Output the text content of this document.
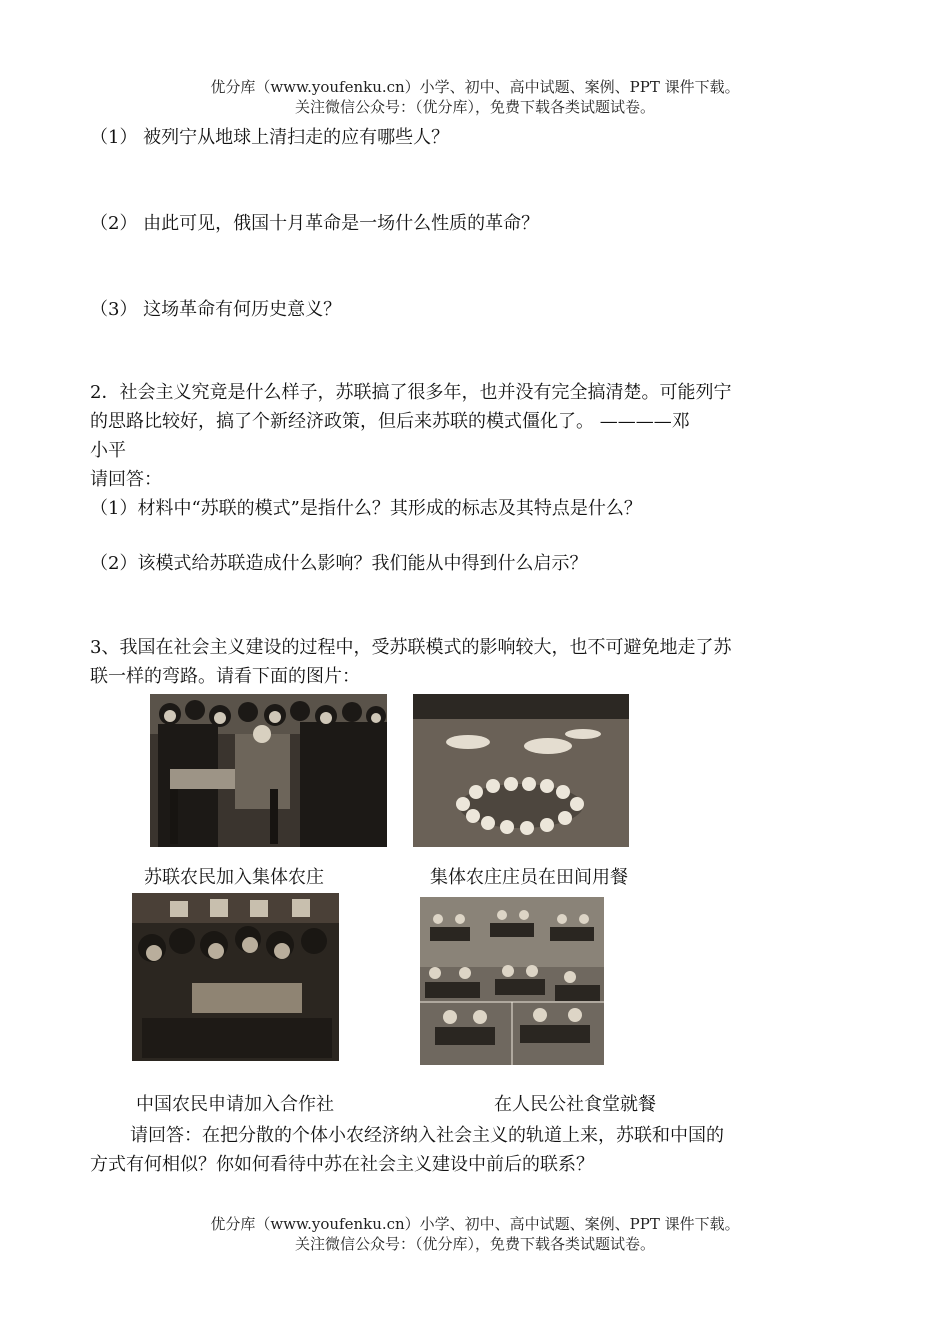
优分库（www.youfenku.cn）小学、初中、高中试题、案例、PPT 课件下载。
关注微信公众号：（优分库），免费下载各类试题试卷。
（1） 被列宁从地球上清扫走的应有哪些人？
（2） 由此可见，俄国十月革命是一场什么性质的革命？
（3） 这场革命有何历史意义？
2．社会主义究竟是什么样子，苏联搞了很多年，也并没有完全搞清楚。可能列宁
的思路比较好，搞了个新经济政策，但后来苏联的模式僵化了。 ————邓
小平
请回答：
（1）材料中“苏联的模式”是指什么？其形成的标志及其特点是什么？
（2）该模式给苏联造成什么影响？我们能从中得到什么启示？
3、我国在社会主义建设的过程中，受苏联模式的影响较大，也不可避免地走了苏
联一样的弯路。请看下面的图片：
苏联农民加入集体农庄	集体农庄庄员在田间用餐
中国农民申请加入合作社	在人民公社食堂就餐
请回答：在把分散的个体小农经济纳入社会主义的轨道上来，苏联和中国的
方式有何相似？你如何看待中苏在社会主义建设中前后的联系？
优分库（www.youfenku.cn）小学、初中、高中试题、案例、PPT 课件下载。
关注微信公众号：（优分库），免费下载各类试题试卷。
